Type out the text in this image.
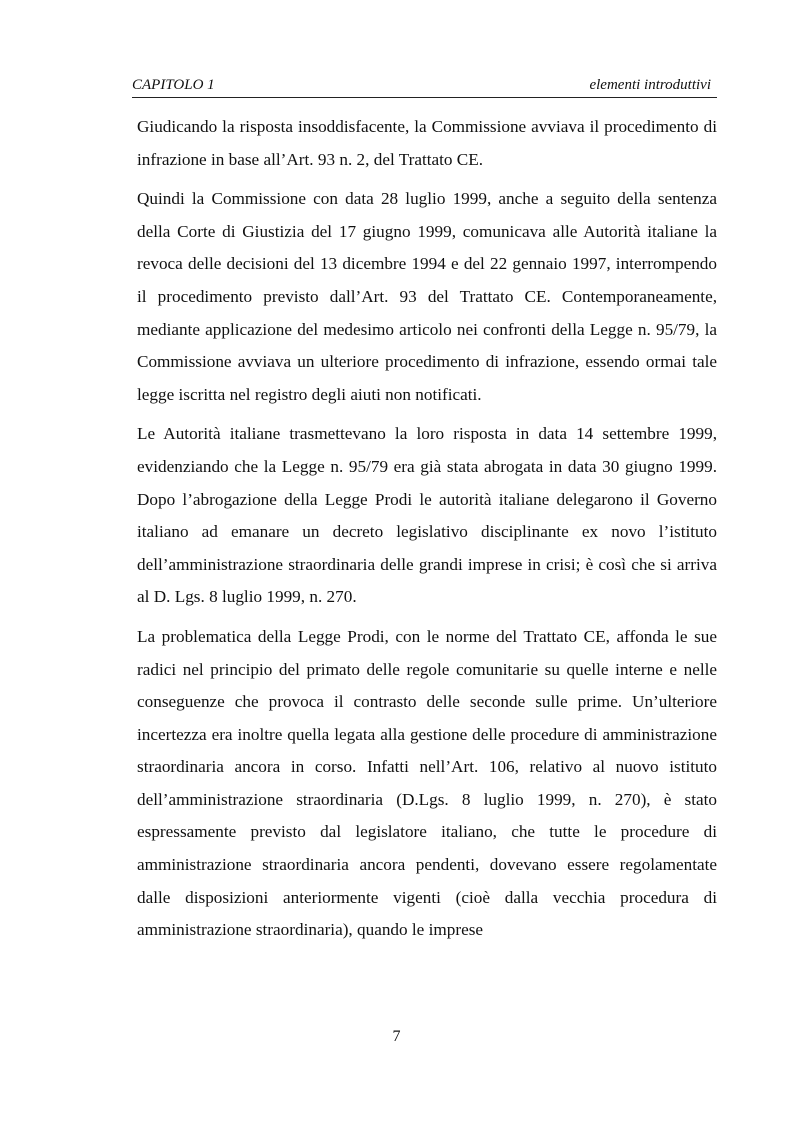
CAPITOLO 1	elementi introduttivi

Giudicando la risposta insoddisfacente, la Commissione avviava il procedimento di infrazione in base all’Art. 93 n. 2, del Trattato CE.

Quindi la Commissione con data 28 luglio 1999, anche a seguito della sentenza della Corte di Giustizia del 17 giugno 1999, comunicava alle Autorità italiane la revoca delle decisioni del 13 dicembre 1994 e del 22 gennaio 1997, interrompendo il procedimento previsto dall’Art. 93 del Trattato CE. Contemporaneamente, mediante applicazione del medesimo articolo nei confronti della Legge n. 95/79, la Commissione avviava un ulteriore procedimento di infrazione, essendo ormai tale legge iscritta nel registro degli aiuti non notificati.

Le Autorità italiane trasmettevano la loro risposta in data 14 settembre 1999, evidenziando che la Legge n. 95/79 era già stata abrogata in data 30 giugno 1999. Dopo l’abrogazione della Legge Prodi le autorità italiane delegarono il Governo italiano ad emanare un decreto legislativo disciplinante ex novo l’istituto dell’amministrazione straordinaria delle grandi imprese in crisi; è così che si arriva al D. Lgs. 8 luglio 1999, n. 270.

La problematica della Legge Prodi, con le norme del Trattato CE, affonda le sue radici nel principio del primato delle regole comunitarie su quelle interne e nelle conseguenze che provoca il contrasto delle seconde sulle prime. Un’ulteriore incertezza era inoltre quella legata alla gestione delle procedure di amministrazione straordinaria ancora in corso. Infatti nell’Art. 106, relativo al nuovo istituto dell’amministrazione straordinaria (D.Lgs. 8 luglio 1999, n. 270), è stato espressamente previsto dal legislatore italiano, che tutte le procedure di amministrazione straordinaria ancora pendenti, dovevano essere regolamentate dalle disposizioni anteriormente vigenti (cioè dalla vecchia procedura di amministrazione straordinaria), quando le imprese

7
